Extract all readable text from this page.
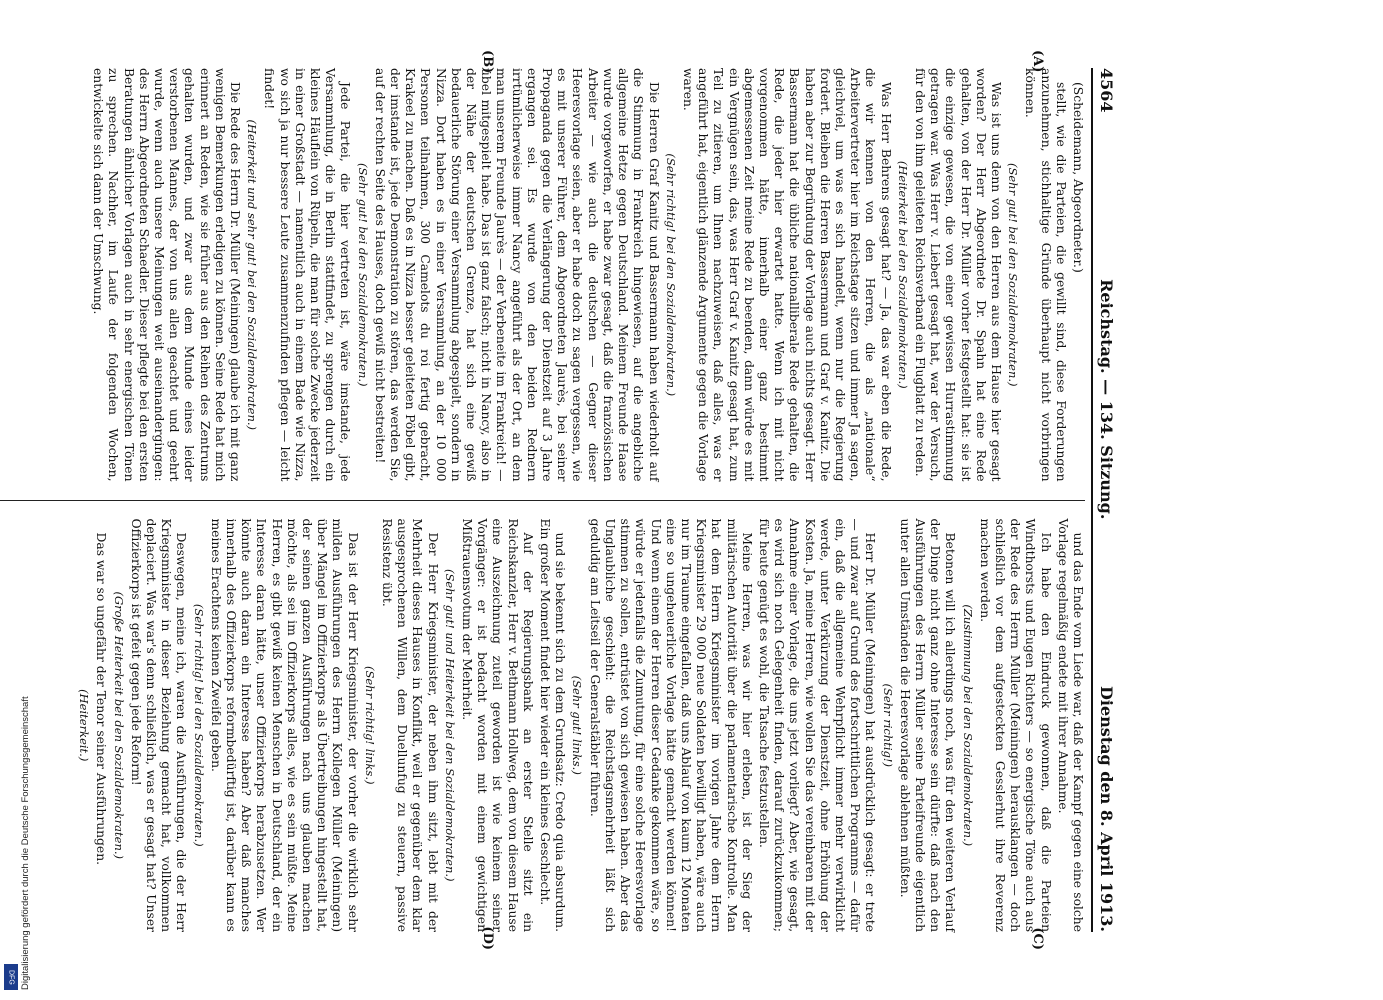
4564
Reichstag. — 134. Sitzung.
Dienstag den 8. April 1913.
(A)
(B)

(Scheidemann, Abgeordneter.)

stellt, wie die Parteien, die gewillt sind, diese Forderungen anzunehmen, stichhaltige Gründe überhaupt nicht vorbringen können.

(Sehr gut! bei den Sozialdemokraten.)

Was ist uns denn von den Herren aus dem Hause hier gesagt worden? Der Herr Abgeordnete Dr. Spahn hat eine Rede gehalten, von der Herr Dr. Müller vorher festgestellt hat: sie ist die einzige gewesen, die von einer gewissen Hurrastimmung getragen war. Was Herr v. Liebert gesagt hat, war der Versuch, für den von ihm geleiteten Reichsverband ein Flugblatt zu reden.

(Heiterkeit bei den Sozialdemokraten.)

Was Herr Behrens gesagt hat? — Ja, das war eben die Rede, die wir kennen von den Herren, die als „nationale“ Arbeitervertreter hier im Reichstage sitzen und immer Ja sagen, gleichviel, um was es sich handelt, wenn nur die Regierung fordert. Bleiben die Herren Bassermann und Graf v. Kanitz. Die haben aber zur Begründung der Vorlage auch nichts gesagt. Herr Bassermann hat die übliche nationalliberale Rede gehalten, die Rede, die jeder hier erwartet hatte. Wenn ich mit nicht vorgenommen hätte, innerhalb einer ganz bestimmt abgemessenen Zeit meine Rede zu beenden, dann würde es mit ein Vergnügen sein, das, was Herr Graf v. Kanitz gesagt hat, zum Teil zu zitieren, um Ihnen nachzuweisen, daß alles, was er angeführt hat, eigentlich glänzende Argumente gegen die Vorlage waren.

(Sehr richtig! bei den Sozialdemokraten.)

Die Herren Graf Kanitz und Bassermann haben wiederholt auf die Stimmung in Frankreich hingewiesen, auf die angebliche allgemeine Hetze gegen Deutschland. Meinem Freunde Haase wurde vorgeworfen, er habe zwar gesagt, daß die französischen Arbeiter — wie auch die deutschen — Gegner dieser Heeresvorlage seien, aber er habe doch zu sagen vergessen, wie es mit unserer Führer, dem Abgeordneten Jaurès, bei seiner Propaganda gegen die Verlängerung der Dienstzeit auf 3 Jahre ergangen sei. Es wurde von den beiden Rednern irrtümlicherweise immer Nancy angeführt als der Ort, an dem man unserem Freunde Jaurès — der Verbeneite im Frankreich! — übel mitgespielt habe. Das ist ganz falsch; nicht in Nancy, also in der Nähe der deutschen Grenze, hat sich eine gewiß bedauerliche Störung einer Versammlung abgespielt, sondern in Nizza. Dort haben es in einer Versammlung, an der 10 000 Personen teilnahmen, 300 Camelots du roi fertig gebracht, Krakeel zu machen. Daß es in Nizza besser geleiteten Pöbel gibt, der imstande ist, jede Demonstration zu stören, das werden Sie, auf der rechten Seite des Hauses, doch gewiß nicht bestreiten!

(Sehr gut! bei den Sozialdemokraten.)

Jede Partei, die hier vertreten ist, wäre imstande, jede Versammlung, die in Berlin stattfindet, zu sprengen durch ein kleines Häuflein von Rüpeln, die man für solche Zwecke jederzeit in einer Großstadt — namentlich auch in einem Bade wie Nizza, wo sich ja nur bessere Leute zusammenzufinden pflegen — leicht findet!

(Heiterkeit und sehr gut! bei den Sozialdemokraten.)

Die Rede des Herrn Dr. Müller (Meiningen) glaube ich mit ganz wenigen Bemerkungen erledigen zu können. Seine Rede hat mich erinnert an Reden, wie sie früher aus den Reihen des Zentrums gehalten wurden, und zwar aus dem Munde eines leider verstorbenen Mannes, der von uns allen geachtet und geehrt wurde, wenn auch unsere Meinungen weit auseinandergingen: des Herrn Abgeordneten Schaedler. Dieser pflegte bei den ersten Beratungen ähnlicher Vorlagen auch in sehr energischen Tönen zu sprechen. Nachher, im Laufe der folgenden Wochen, entwickelte sich dann der Umschwung.

(C)
(D)

und das Ende vom Liede war, daß der Kampf gegen eine solche Vorlage regelmäßig endete mit ihrer Annahme.

Ich habe den Eindruck gewonnen, daß die Parteien Windthorsts und Eugen Richters — so energische Töne auch aus der Rede des Herrn Müller (Meiningen) herausklangen — doch schließlich vor dem aufgesteckten Gesslerhut ihre Reverenz machen werden.

(Zustimmung bei den Sozialdemokraten.)

Betonen will ich allerdings noch, was für den weiteren Verlauf der Dinge nicht ganz ohne Interesse sein dürfte: daß nach den Ausführungen des Herrn Müller seine Parteifreunde eigentlich unter allen Umständen die Heeresvorlage ablehnen müßten.

(Sehr richtig!)

Herr Dr. Müller (Meiningen) hat ausdrücklich gesagt: er trete — und zwar auf Grund des fortschrittlichen Programms — dafür ein, daß die allgemeine Wehrpflicht immer mehr verwirklicht werde, unter Verkürzung der Dienstzeit, ohne Erhöhung der Kosten. Ja, meine Herren, wie wollen Sie das vereinbaren mit der Annahme einer Vorlage, die uns jetzt vorliegt? Aber, wie gesagt, es wird sich noch Gelegenheit finden, darauf zurückzukommen; für heute genügt es wohl, die Tatsache festzustellen.

Meine Herren, was wir hier erleben, ist der Sieg der militärischen Autorität über die parlamentarische Kontrolle. Man hat dem Herrn Kriegsminister im vorigen Jahre dem Herrn Kriegsminister 29 000 neue Soldaten bewilligt haben, wäre auch nur im Traume eingefallen, daß uns Ablauf von kaum 12 Monaten eine so ungeheuerliche Vorlage hätte gemacht werden können! Und wenn einem der Herren dieser Gedanke gekommen wäre, so würde er jedenfalls die Zumutung, für eine solche Heeresvorlage stimmen zu sollen, entrüstet von sich gewiesen haben. Aber das Unglaubliche geschieht: die Reichstagsmehrheit läßt sich geduldig am Leitseil der Generalstäbler führen.

(Sehr gut! links.)

und sie bekennt sich zu dem Grundsatz: Credo quia absurdum. Ein großer Moment findet hier wieder ein kleines Geschlecht.

Auf der Regierungsbank an erster Stelle sitzt ein Reichskanzler, Herr v. Bethmann Hollweg, dem von diesem Hause eine Auszeichnung zuteil geworden ist wie keinem seiner Vorgänger: er ist bedacht worden mit einem gewichtigen Mißtrauensvotum der Mehrheit.

(Sehr gut! und Heiterkeit bei den Sozialdemokraten.)

Der Herr Kriegsminister, der neben ihm sitzt, lebt mit der Mehrheit dieses Hauses in Konflikt, weil er gegenüber dem klar ausgesprochenen Willen, dem Duellunfug zu steuern, passive Resistenz übt.

(Sehr richtig! links.)

Das ist der Herr Kriegsminister, der vorher die wirklich sehr milden Ausführungen des Herrn Kollegen Müller (Meiningen) über Mängel im Offizierkorps als Übertreibungen hingestellt hat, der seinen ganzen Ausführungen nach uns glauben machen möchte, als sei im Offizierkorps alles, wie es sein müßte. Meine Herren, es gibt gewiß keinen Menschen in Deutschland, der ein Interesse daran hätte, unser Offizierkorps herabzusetzen. Wer könnte auch daran ein Interesse haben? Aber daß manches innerhalb des Offizierkorps reformbedürftig ist, darüber kann es meines Erachtens keinen Zweifel geben.

(Sehr richtig! bei den Sozialdemokraten.)

Deswegen, meine ich, waren die Ausführungen, die der Herr Kriegsminister in dieser Beziehung gemacht hat, vollkommen deplaciert. Was war's denn schließlich, was er gesagt hat? Unser Offizierkorps ist gefeit gegen jede Reform!

(Große Heiterkeit bei den Sozialdemokraten.)

Das war so ungefähr der Tenor seiner Ausführungen.

(Heiterkeit.)

DFG Digitalisierung gefördert durch die Deutsche Forschungsgemeinschaft
